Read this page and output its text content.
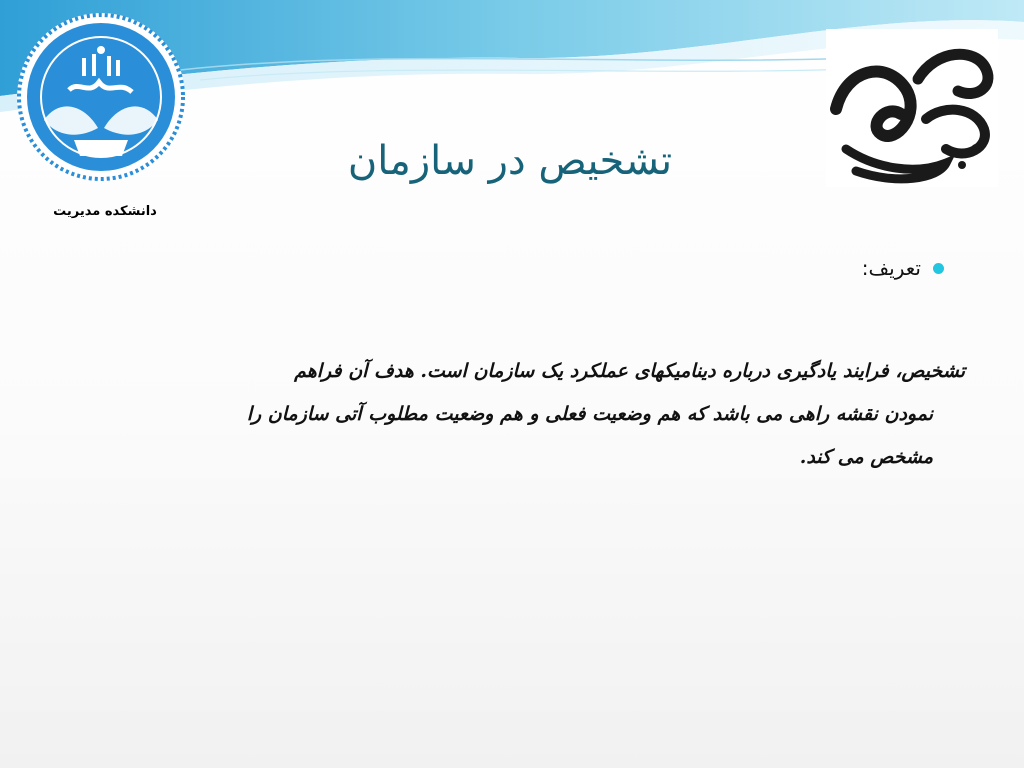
دانشکده مدیریت
تشخیص در سازمان
تعریف:
تشخیص، فرایند یادگیری درباره دینامیکهای عملکرد یک سازمان است. هدف آن فراهم
نمودن نقشه راهی می باشد که هم وضعیت فعلی و هم وضعیت مطلوب آتی سازمان را
مشخص می کند.
